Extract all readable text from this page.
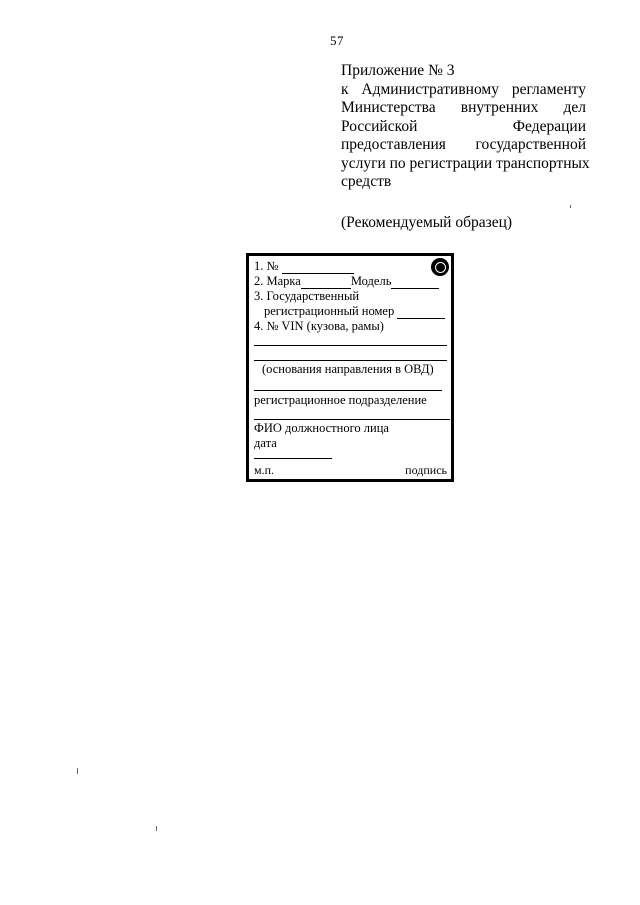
57
Приложение № 3
к Административному регламенту
Министерства внутренних дел
Российской	Федерации
предоставления государственной
услуги по регистрации транспортных
средств
(Рекомендуемый образец)
1. №
2. Марка	Модель
3. Государственный
регистрационный номер
4. № VIN (кузова, рамы)
(основания направления в ОВД)
регистрационное подразделение
ФИО должностного лица
дата
м.п.	подпись
